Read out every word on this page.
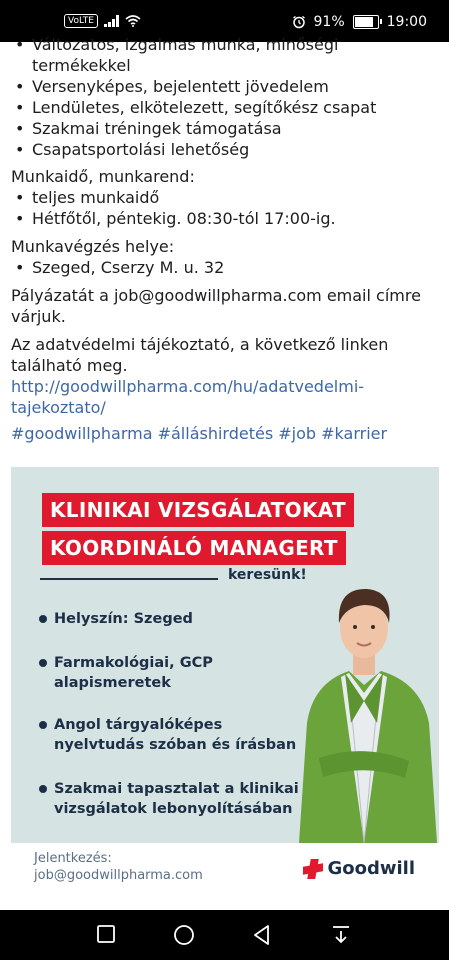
VoLTE	91%	19:00
• Változatos, izgalmas munka, minőségi termékekkel
• Versenyképes, bejelentett jövedelem
• Lendületes, elkötelezett, segítőkész csapat
• Szakmai tréningek támogatása
• Csapatsportolási lehetőség

Munkaidő, munkarend:

• teljes munkaidő
• Hétfőtől, péntekig. 08:30-tól 17:00-ig.

Munkavégzés helye:

• Szeged, Cserzy M. u. 32

Pályázatát a job@goodwillpharma.com email címre várjuk.

Az adatvédelmi tájékoztató, a következő linken található meg.

http://goodwillpharma.com/hu/adatvedelmi-tajekoztato/

#goodwillpharma #álláshirdetés #job #karrier

KLINIKAI VIZSGÁLATOKAT
KOORDINÁLÓ MANAGERT
keresünk!
Helyszín: Szeged
Farmakológiai, GCP alapismeretek
Angol tárgyalóképes nyelvtudás szóban és írásban
Szakmai tapasztalat a klinikai vizsgálatok lebonyolításában
Jelentkezés:
job@goodwillpharma.com	Goodwill
